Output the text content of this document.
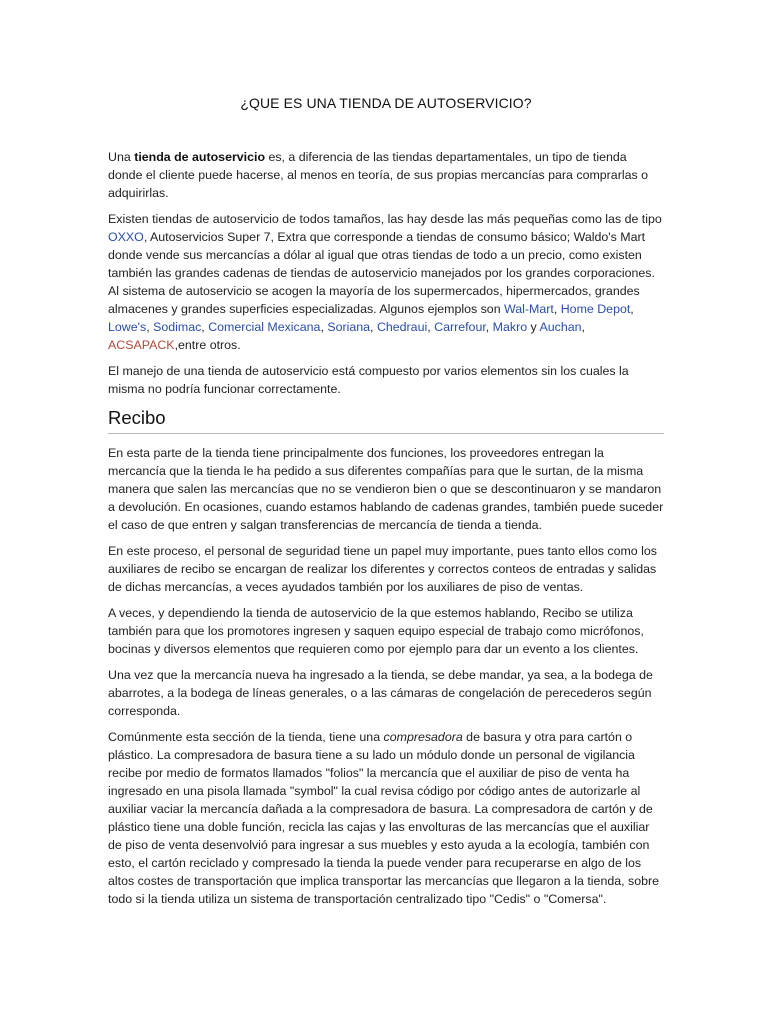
¿QUE ES UNA TIENDA DE AUTOSERVICIO?

Una tienda de autoservicio es, a diferencia de las tiendas departamentales, un tipo de tienda donde el cliente puede hacerse, al menos en teoría, de sus propias mercancías para comprarlas o adquirirlas.

Existen tiendas de autoservicio de todos tamaños, las hay desde las más pequeñas como las de tipo OXXO, Autoservicios Super 7, Extra que corresponde a tiendas de consumo básico; Waldo's Mart donde vende sus mercancías a dólar al igual que otras tiendas de todo a un precio, como existen también las grandes cadenas de tiendas de autoservicio manejados por los grandes corporaciones. Al sistema de autoservicio se acogen la mayoría de los supermercados, hipermercados, grandes almacenes y grandes superficies especializadas. Algunos ejemplos son Wal-Mart, Home Depot, Lowe's, Sodimac, Comercial Mexicana, Soriana, Chedraui, Carrefour, Makro y Auchan, ACSAPACK,entre otros.

El manejo de una tienda de autoservicio está compuesto por varios elementos sin los cuales la misma no podría funcionar correctamente.

Recibo

En esta parte de la tienda tiene principalmente dos funciones, los proveedores entregan la mercancía que la tienda le ha pedido a sus diferentes compañías para que le surtan, de la misma manera que salen las mercancías que no se vendieron bien o que se descontinuaron y se mandaron a devolución. En ocasiones, cuando estamos hablando de cadenas grandes, también puede suceder el caso de que entren y salgan transferencias de mercancía de tienda a tienda.

En este proceso, el personal de seguridad tiene un papel muy importante, pues tanto ellos como los auxiliares de recibo se encargan de realizar los diferentes y correctos conteos de entradas y salidas de dichas mercancías, a veces ayudados también por los auxiliares de piso de ventas.

A veces, y dependiendo la tienda de autoservicio de la que estemos hablando, Recibo se utiliza también para que los promotores ingresen y saquen equipo especial de trabajo como micrófonos, bocinas y diversos elementos que requieren como por ejemplo para dar un evento a los clientes.

Una vez que la mercancía nueva ha ingresado a la tienda, se debe mandar, ya sea, a la bodega de abarrotes, a la bodega de líneas generales, o a las cámaras de congelación de perecederos según corresponda.

Comúnmente esta sección de la tienda, tiene una compresadora de basura y otra para cartón o plástico. La compresadora de basura tiene a su lado un módulo donde un personal de vigilancia recibe por medio de formatos llamados "folios" la mercancía que el auxiliar de piso de venta ha ingresado en una pisola llamada "symbol" la cual revisa código por código antes de autorizarle al auxiliar vaciar la mercancía dañada a la compresadora de basura. La compresadora de cartón y de plástico tiene una doble función, recicla las cajas y las envolturas de las mercancías que el auxiliar de piso de venta desenvolvió para ingresar a sus muebles y esto ayuda a la ecología, también con esto, el cartón reciclado y compresado la tienda la puede vender para recuperarse en algo de los altos costes de transportación que implica transportar las mercancías que llegaron a la tienda, sobre todo si la tienda utiliza un sistema de transportación centralizado tipo "Cedis" o "Comersa".
